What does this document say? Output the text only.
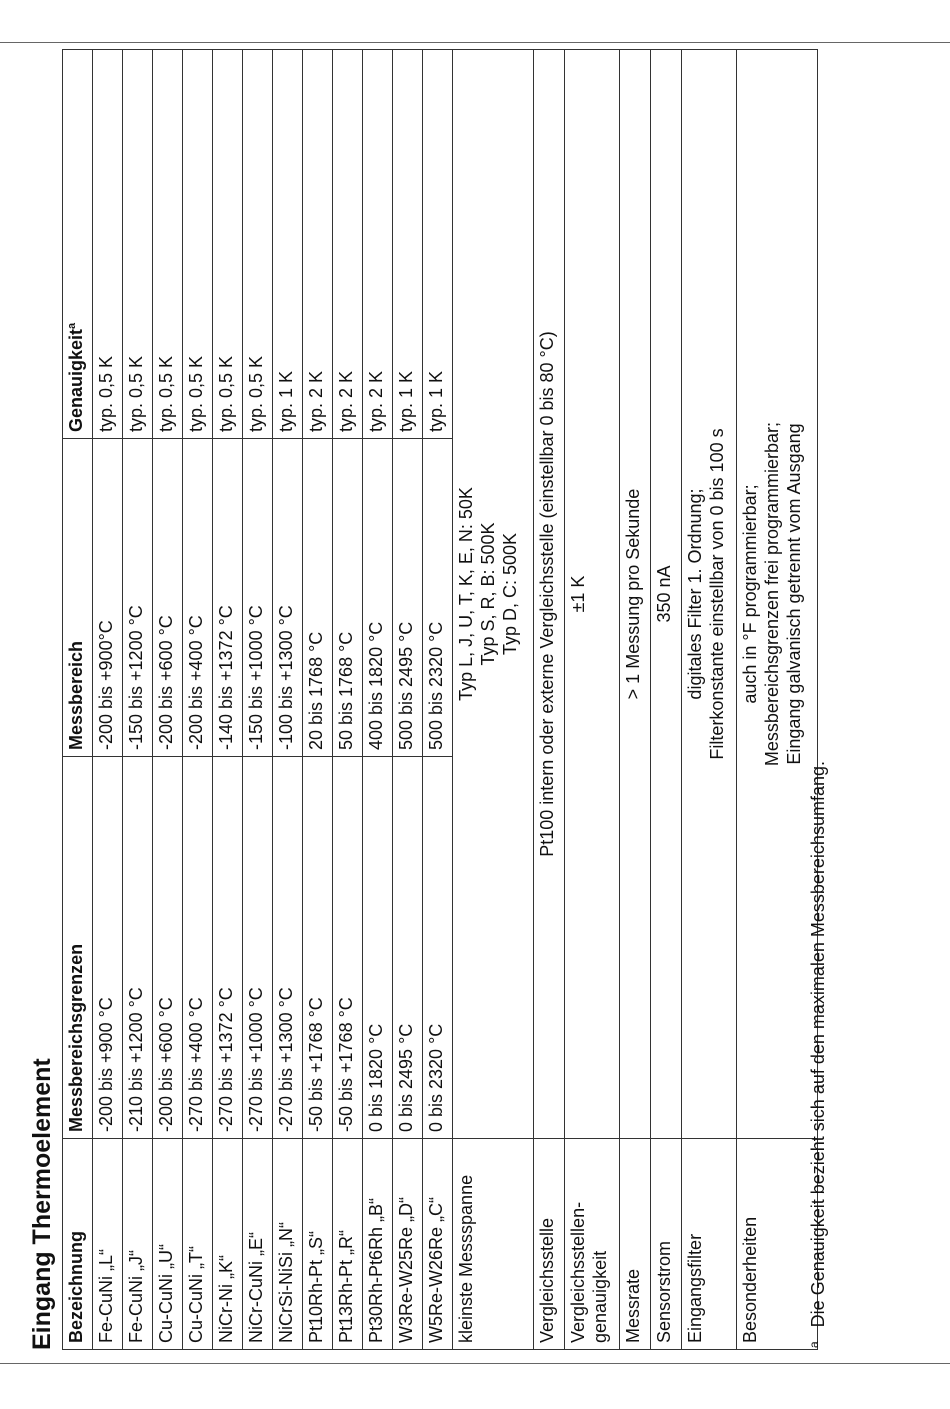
Eingang Thermoelement Bezeichnung	Messbereichsgrenzen	Messbereich	Genauigkeit$^a$
Fe-CuNi „L“	-200 bis +900 °C	-200 bis +900°C	typ. 0,5 K
Fe-CuNi „J“	-210 bis +1200 °C	-150 bis +1200 °C	typ. 0,5 K
Cu-CuNi „U“	-200 bis +600 °C	-200 bis +600 °C	typ. 0,5 K
Cu-CuNi „T“	-270 bis +400 °C	-200 bis +400 °C	typ. 0,5 K
NiCr-Ni „K“	-270 bis +1372 °C	-140 bis +1372 °C	typ. 0,5 K
NiCr-CuNi „E“	-270 bis +1000 °C	-150 bis +1000 °C	typ. 0,5 K
NiCrSi-NiSi „N“	-270 bis +1300 °C	-100 bis +1300 °C	typ. 1 K
Pt10Rh-Pt „S“	-50 bis +1768 °C	20 bis 1768 °C	typ. 2 K
Pt13Rh-Pt „R“	-50 bis +1768 °C	50 bis 1768 °C	typ. 2 K
Pt30Rh-Pt6Rh „B“	0 bis 1820 °C	400 bis 1820 °C	typ. 2 K
W3Re-W25Re „D“	0 bis 2495 °C	500 bis 2495 °C	typ. 1 K
W5Re-W26Re „C“	0 bis 2320 °C	500 bis 2320 °C	typ. 1 K
kleinste Messspanne	Typ L, J, U, T, K, E, N: 50K Typ S, R, B: 500K Typ D, C: 500K		

Vergleichsstelle	Pt100 intern oder externe Vergleichsstelle (einstellbar 0 bis 80 °C)		
Vergleichsstellen-genauigkeit	±1 K		
Messrate	> 1 Messung pro Sekunde		
Sensorstrom	350 nA		
Eingangsfilter	digitales Filter 1. Ordnung; Filterkonstante einstellbar von 0 bis 100 s		

Besonderheiten	auch in °F programmierbar; Messbereichsgrenzen frei programmierbar; Eingang galvanisch getrennt vom Ausgang		
$^a$Die Genauigkeit bezieht sich auf den maximalen Messbereichsumfang.
